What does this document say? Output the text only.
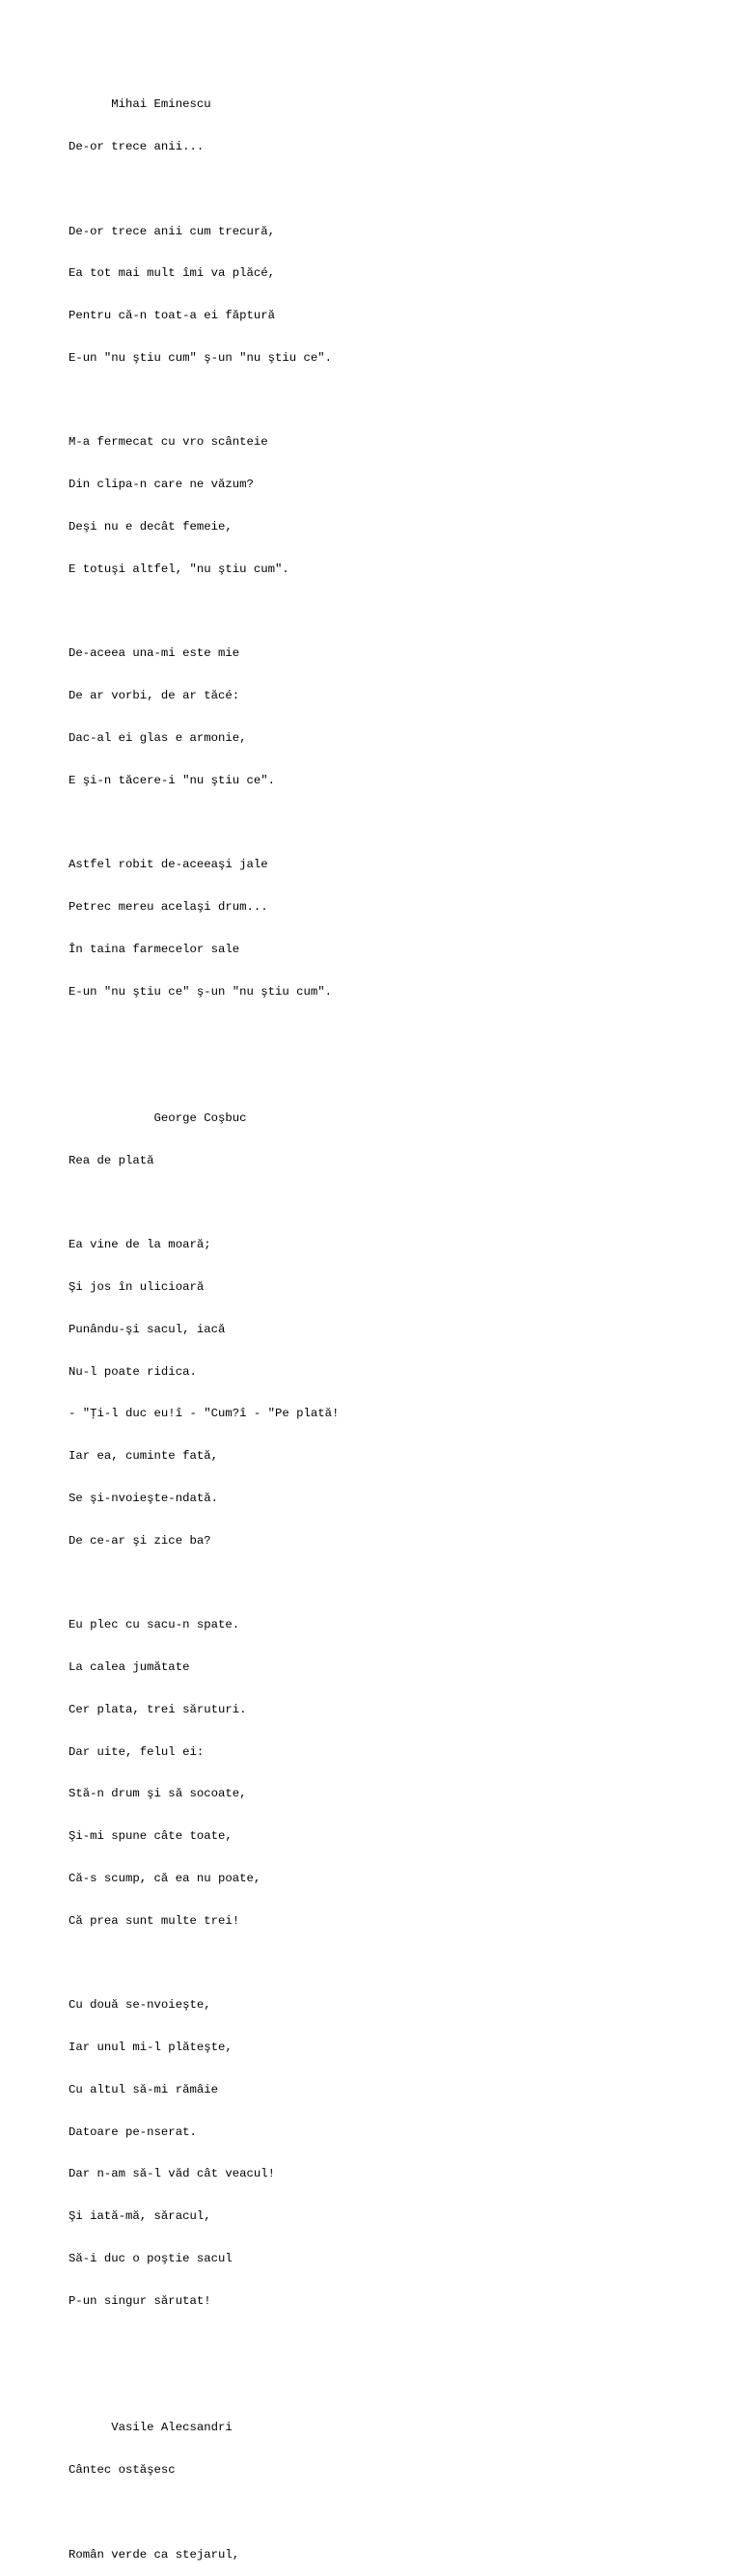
Mihai Eminescu

De-or trece anii...

De-or trece anii cum trecură,

Ea tot mai mult îmi va plăcé,

Pentru că-n toat-a ei făptură

E-un "nu ştiu cum" ş-un "nu ştiu ce".

M-a fermecat cu vro scânteie

Din clipa-n care ne văzum?

Deşi nu e decât femeie,

E totuşi altfel, "nu ştiu cum".

De-aceea una-mi este mie

De ar vorbi, de ar tăcé:

Dac-al ei glas e armonie,

E şi-n tăcere-i "nu ştiu ce".

Astfel robit de-aceeaşi jale

Petrec mereu acelaşi drum...

În taina farmecelor sale

E-un "nu ştiu ce" ş-un "nu ştiu cum".

George Coşbuc

Rea de plată

Ea vine de la moară;

Şi jos în ulicioară

Punându-şi sacul, iacă

Nu-l poate ridica.

- "Ţi-l duc eu!î - "Cum?î - "Pe plată!

Iar ea, cuminte fată,

Se şi-nvoieşte-ndată.

De ce-ar şi zice ba?

Eu plec cu sacu-n spate.

La calea jumătate

Cer plata, trei săruturi.

Dar uite, felul ei:

Stă-n drum şi să socoate,

Şi-mi spune câte toate,

Că-s scump, că ea nu poate,

Că prea sunt multe trei!

Cu două se-nvoieşte,

Iar unul mi-l plăteşte,

Cu altul să-mi rămâie

Datoare pe-nserat.

Dar n-am să-l văd cât veacul!

Şi iată-mă, săracul,

Să-i duc o poştie sacul

P-un singur sărutat!

Vasile Alecsandri

Cântec ostăşesc

Român verde ca stejarul,
